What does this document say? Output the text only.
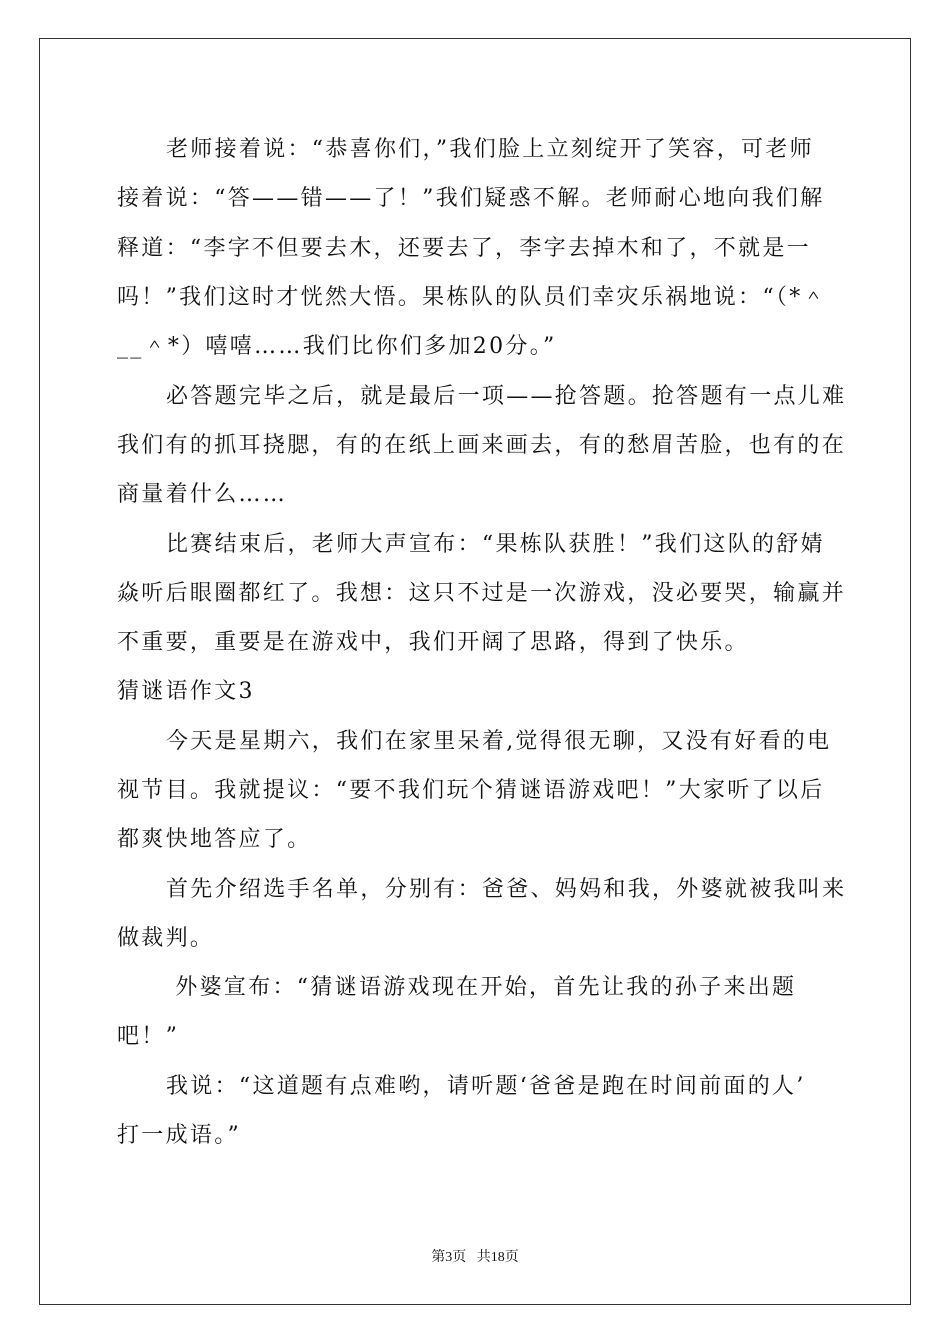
老师接着说：“恭喜你们，”我们脸上立刻绽开了笑容，可老师
接着说：“答——错——了！”我们疑惑不解。老师耐心地向我们解
释道：“李字不但要去木，还要去了，李字去掉木和了，不就是一
吗！”我们这时才恍然大悟。果栋队的队员们幸灾乐祸地说：“（*＾
__＾*）嘻嘻……我们比你们多加20分。”
必答题完毕之后，就是最后一项——抢答题。抢答题有一点儿难
我们有的抓耳挠腮，有的在纸上画来画去，有的愁眉苦脸，也有的在
商量着什么……
比赛结束后，老师大声宣布：“果栋队获胜！”我们这队的舒婧
焱听后眼圈都红了。我想：这只不过是一次游戏，没必要哭，输赢并
不重要，重要是在游戏中，我们开阔了思路，得到了快乐。
猜谜语作文3
今天是星期六，我们在家里呆着,觉得很无聊，又没有好看的电
视节目。我就提议：“要不我们玩个猜谜语游戏吧！”大家听了以后
都爽快地答应了。
首先介绍选手名单，分别有：爸爸、妈妈和我，外婆就被我叫来
做裁判。
外婆宣布：“猜谜语游戏现在开始，首先让我的孙子来出题
吧！”
我说：“这道题有点难哟，请听题‘爸爸是跑在时间前面的人’
打一成语。”
第3页 共18页
